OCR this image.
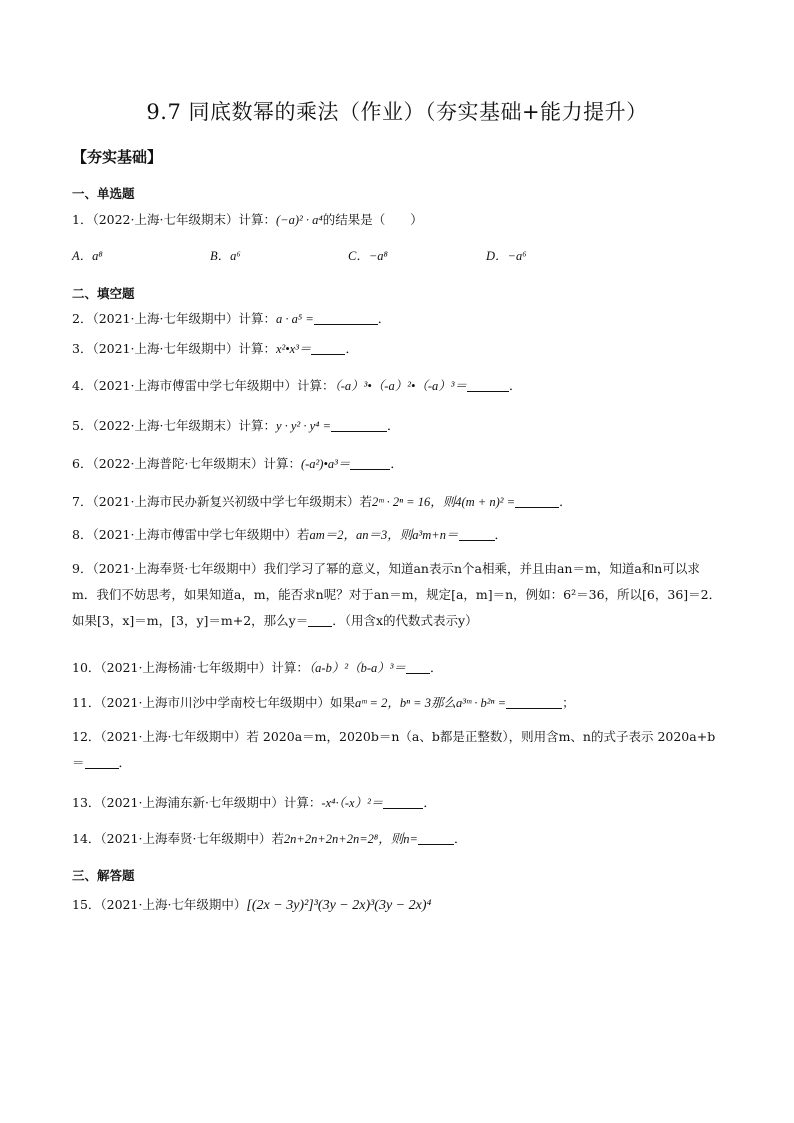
9.7 同底数幂的乘法（作业）（夯实基础+能力提升）
【夯实基础】
一、单选题
1．（2022·上海·七年级期末）计算：(−a)² · a⁴的结果是（　　）
A．a⁸	B．a⁶	C．−a⁸	D．−a⁶
二、填空题
2．（2021·上海·七年级期中）计算：a · a⁵ =	．
3．（2021·上海·七年级期中）计算：x²•x³＝	．
4．（2021·上海市傅雷中学七年级期中）计算：（-a）³•（-a）²•（-a）³＝	．
5．（2022·上海·七年级期末）计算：y · y² · y⁴ =	．
6．（2022·上海普陀·七年级期末）计算：(-a²)•a³＝	．
7．（2021·上海市民办新复兴初级中学七年级期末）若2ᵐ · 2ⁿ = 16，则4(m + n)² =	．
8．（2021·上海市傅雷中学七年级期中）若am＝2，an＝3，则a³m+n＝	．
9．（2021·上海奉贤·七年级期中）我们学习了幂的意义，知道an表示n个a相乘，并且由an＝m，知道a和n可以求m．我们不妨思考，如果知道a，m，能否求n呢？对于an＝m，规定[a，m]＝n，例如：6²＝36，所以[6，36]＝2．如果[3，x]＝m，[3，y]＝m+2，那么y＝ ．（用含x的代数式表示y）
10．（2021·上海杨浦·七年级期中）计算：（a-b）²（b-a）³＝ ．
11．（2021·上海市川沙中学南校七年级期中）如果aᵐ = 2，bⁿ = 3那么a³ᵐ · b²ⁿ =	；
12．（2021·上海·七年级期中）若 2020a＝m，2020b＝n（a、b都是正整数），则用含m、n的式子表示 2020a+b＝	．
13．（2021·上海浦东新·七年级期中）计算：-x⁴·（-x）²＝	．
14．（2021·上海奉贤·七年级期中）若2n+2n+2n+2n=2⁸，则n=	．
三、解答题
15．（2021·上海·七年级期中）[(2x − 3y)²]³(3y − 2x)³(3y − 2x)⁴
